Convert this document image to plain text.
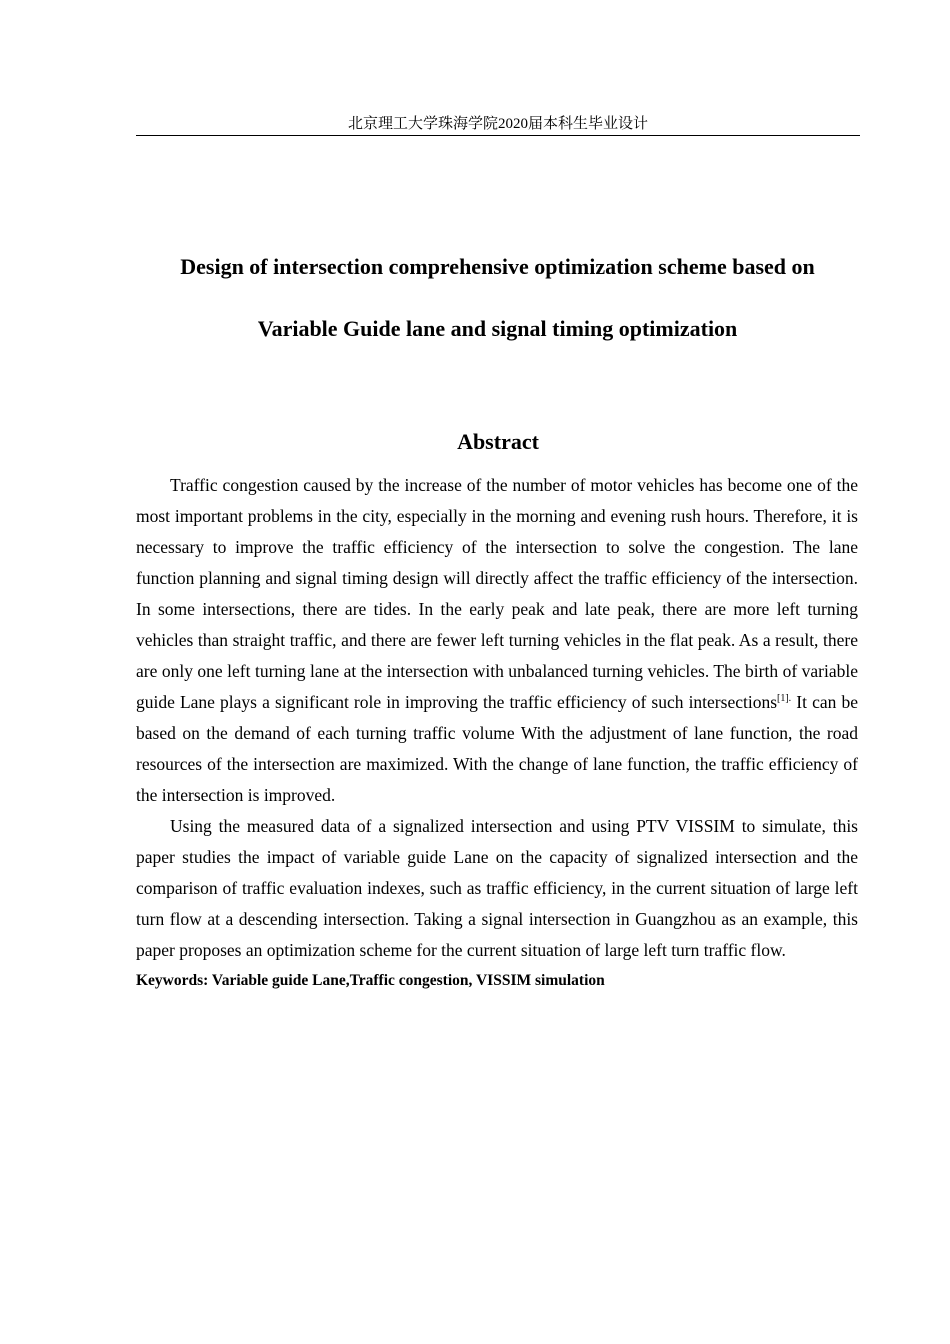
北京理工大学珠海学院2020届本科生毕业设计
Design of intersection comprehensive optimization scheme based on
Variable Guide lane and signal timing optimization
Abstract

Traffic congestion caused by the increase of the number of motor vehicles has become one of the most important problems in the city, especially in the morning and evening rush hours. Therefore, it is necessary to improve the traffic efficiency of the intersection to solve the congestion. The lane function planning and signal timing design will directly affect the traffic efficiency of the intersection. In some intersections, there are tides. In the early peak and late peak, there are more left turning vehicles than straight traffic, and there are fewer left turning vehicles in the flat peak. As a result, there are only one left turning lane at the intersection with unbalanced turning vehicles. The birth of variable guide Lane plays a significant role in improving the traffic efficiency of such intersections$^{[1].}$ It can be based on the demand of each turning traffic volume With the adjustment of lane function, the road resources of the intersection are maximized. With the change of lane function, the traffic efficiency of the intersection is improved.

Using the measured data of a signalized intersection and using PTV VISSIM to simulate, this paper studies the impact of variable guide Lane on the capacity of signalized intersection and the comparison of traffic evaluation indexes, such as traffic efficiency, in the current situation of large left turn flow at a descending intersection. Taking a signal intersection in Guangzhou as an example, this paper proposes an optimization scheme for the current situation of large left turn traffic flow.

Keywords: Variable guide Lane,Traffic congestion, VISSIM simulation
